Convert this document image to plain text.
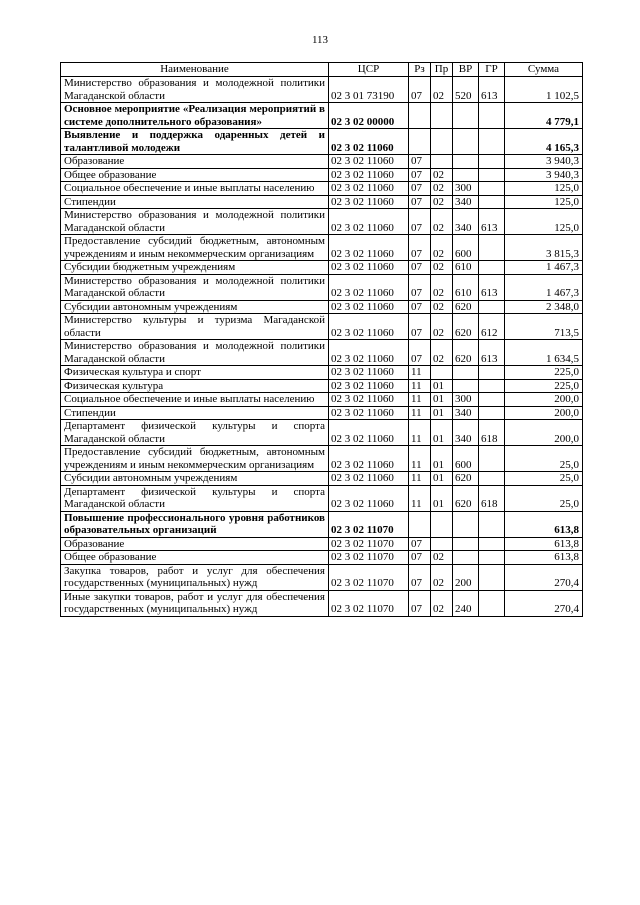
113
Наименование	ЦСР	Рз	Пр	ВР	ГР	Сумма
Министерство образования и молодежной политики Магаданской области	02 3 01 73190	07	02	520	613	1 102,5
Основное мероприятие «Реализация мероприятий в системе дополнительного образования»	02 3 02 00000					4 779,1
Выявление и поддержка одаренных детей и талантливой молодежи	02 3 02 11060					4 165,3
Образование	02 3 02 11060	07				3 940,3
Общее образование	02 3 02 11060	07	02			3 940,3
Социальное обеспечение и иные выплаты населению	02 3 02 11060	07	02	300		125,0
Стипендии	02 3 02 11060	07	02	340		125,0
Министерство образования и молодежной политики Магаданской области	02 3 02 11060	07	02	340	613	125,0
Предоставление субсидий бюджетным, автономным учреждениям и иным некоммерческим организациям	02 3 02 11060	07	02	600		3 815,3
Субсидии бюджетным учреждениям	02 3 02 11060	07	02	610		1 467,3
Министерство образования и молодежной политики Магаданской области	02 3 02 11060	07	02	610	613	1 467,3
Субсидии автономным учреждениям	02 3 02 11060	07	02	620		2 348,0
Министерство культуры и туризма Магаданской области	02 3 02 11060	07	02	620	612	713,5
Министерство образования и молодежной политики Магаданской области	02 3 02 11060	07	02	620	613	1 634,5
Физическая культура и спорт	02 3 02 11060	11				225,0
Физическая культура	02 3 02 11060	11	01			225,0
Социальное обеспечение и иные выплаты населению	02 3 02 11060	11	01	300		200,0
Стипендии	02 3 02 11060	11	01	340		200,0
Департамент физической культуры и спорта Магаданской области	02 3 02 11060	11	01	340	618	200,0
Предоставление субсидий бюджетным, автономным учреждениям и иным некоммерческим организациям	02 3 02 11060	11	01	600		25,0
Субсидии автономным учреждениям	02 3 02 11060	11	01	620		25,0
Департамент физической культуры и спорта Магаданской области	02 3 02 11060	11	01	620	618	25,0
Повышение профессионального уровня работников образовательных организаций	02 3 02 11070					613,8
Образование	02 3 02 11070	07				613,8
Общее образование	02 3 02 11070	07	02			613,8
Закупка товаров, работ и услуг для обеспечения государственных (муниципальных) нужд	02 3 02 11070	07	02	200		270,4
Иные закупки товаров, работ и услуг для обеспечения государственных (муниципальных) нужд	02 3 02 11070	07	02	240		270,4
